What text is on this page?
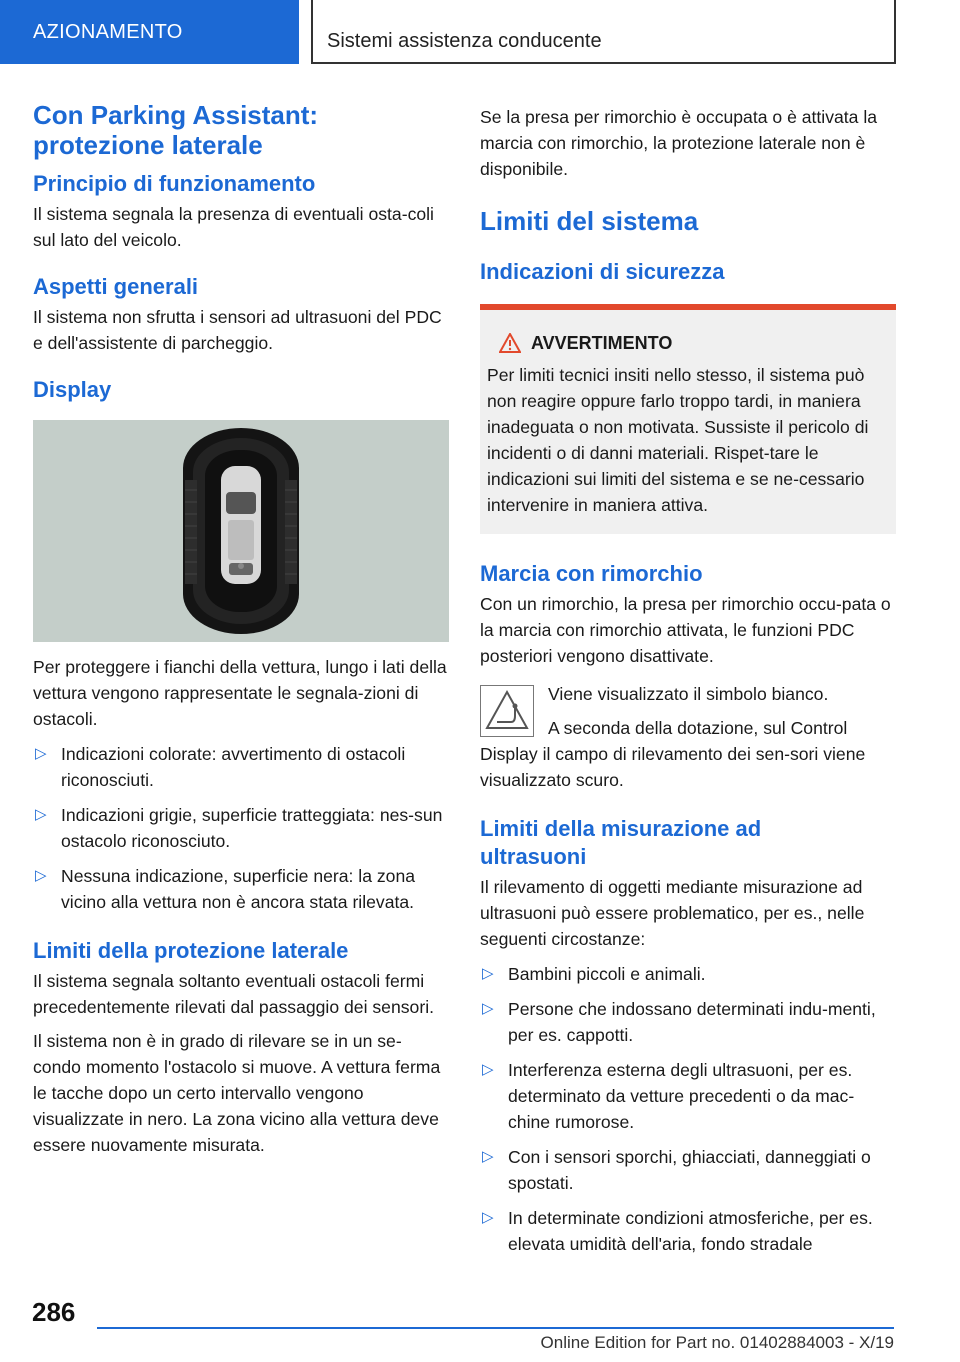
AZIONAMENTO	Sistemi assistenza conducente
Con Parking Assistant: protezione laterale
Principio di funzionamento

Il sistema segnala la presenza di eventuali osta-coli sul lato del veicolo.

Aspetti generali

Il sistema non sfrutta i sensori ad ultrasuoni del PDC e dell'assistente di parcheggio.

Display

Per proteggere i fianchi della vettura, lungo i lati della vettura vengono rappresentate le segnala-zioni di ostacoli.

▷ Indicazioni colorate: avvertimento di ostacoli riconosciuti.
▷ Indicazioni grigie, superficie tratteggiata: nes-sun ostacolo riconosciuto.
▷ Nessuna indicazione, superficie nera: la zona vicino alla vettura non è ancora stata rilevata.
Limiti della protezione laterale

Il sistema segnala soltanto eventuali ostacoli fermi precedentemente rilevati dal passaggio dei sensori.

Il sistema non è in grado di rilevare se in un se-condo momento l'ostacolo si muove. A vettura ferma le tacche dopo un certo intervallo vengono visualizzate in nero. La zona vicino alla vettura deve essere nuovamente misurata.

Se la presa per rimorchio è occupata o è attivata la marcia con rimorchio, la protezione laterale non è disponibile.

Limiti del sistema
Indicazioni di sicurezza
AVVERTIMENTO

Per limiti tecnici insiti nello stesso, il sistema può non reagire oppure farlo troppo tardi, in maniera inadeguata o non motivata. Sussiste il pericolo di incidenti o di danni materiali. Rispet-tare le indicazioni sui limiti del sistema e se ne-cessario intervenire in maniera attiva.

Marcia con rimorchio

Con un rimorchio, la presa per rimorchio occu-pata o la marcia con rimorchio attivata, le funzioni PDC posteriori vengono disattivate.

Viene visualizzato il simbolo bianco.

A seconda della dotazione, sul Control Display il campo di rilevamento dei sen-sori viene visualizzato scuro.

Limiti della misurazione ad ultrasuoni

Il rilevamento di oggetti mediante misurazione ad ultrasuoni può essere problematico, per es., nelle seguenti circostanze:

▷ Bambini piccoli e animali.
▷ Persone che indossano determinati indu-menti, per es. cappotti.
▷ Interferenza esterna degli ultrasuoni, per es. determinato da vetture precedenti o da mac-chine rumorose.
▷ Con i sensori sporchi, ghiacciati, danneggiati o spostati.
▷ In determinate condizioni atmosferiche, per es. elevata umidità dell'aria, fondo stradale
286
Online Edition for Part no. 01402884003 - X/19
